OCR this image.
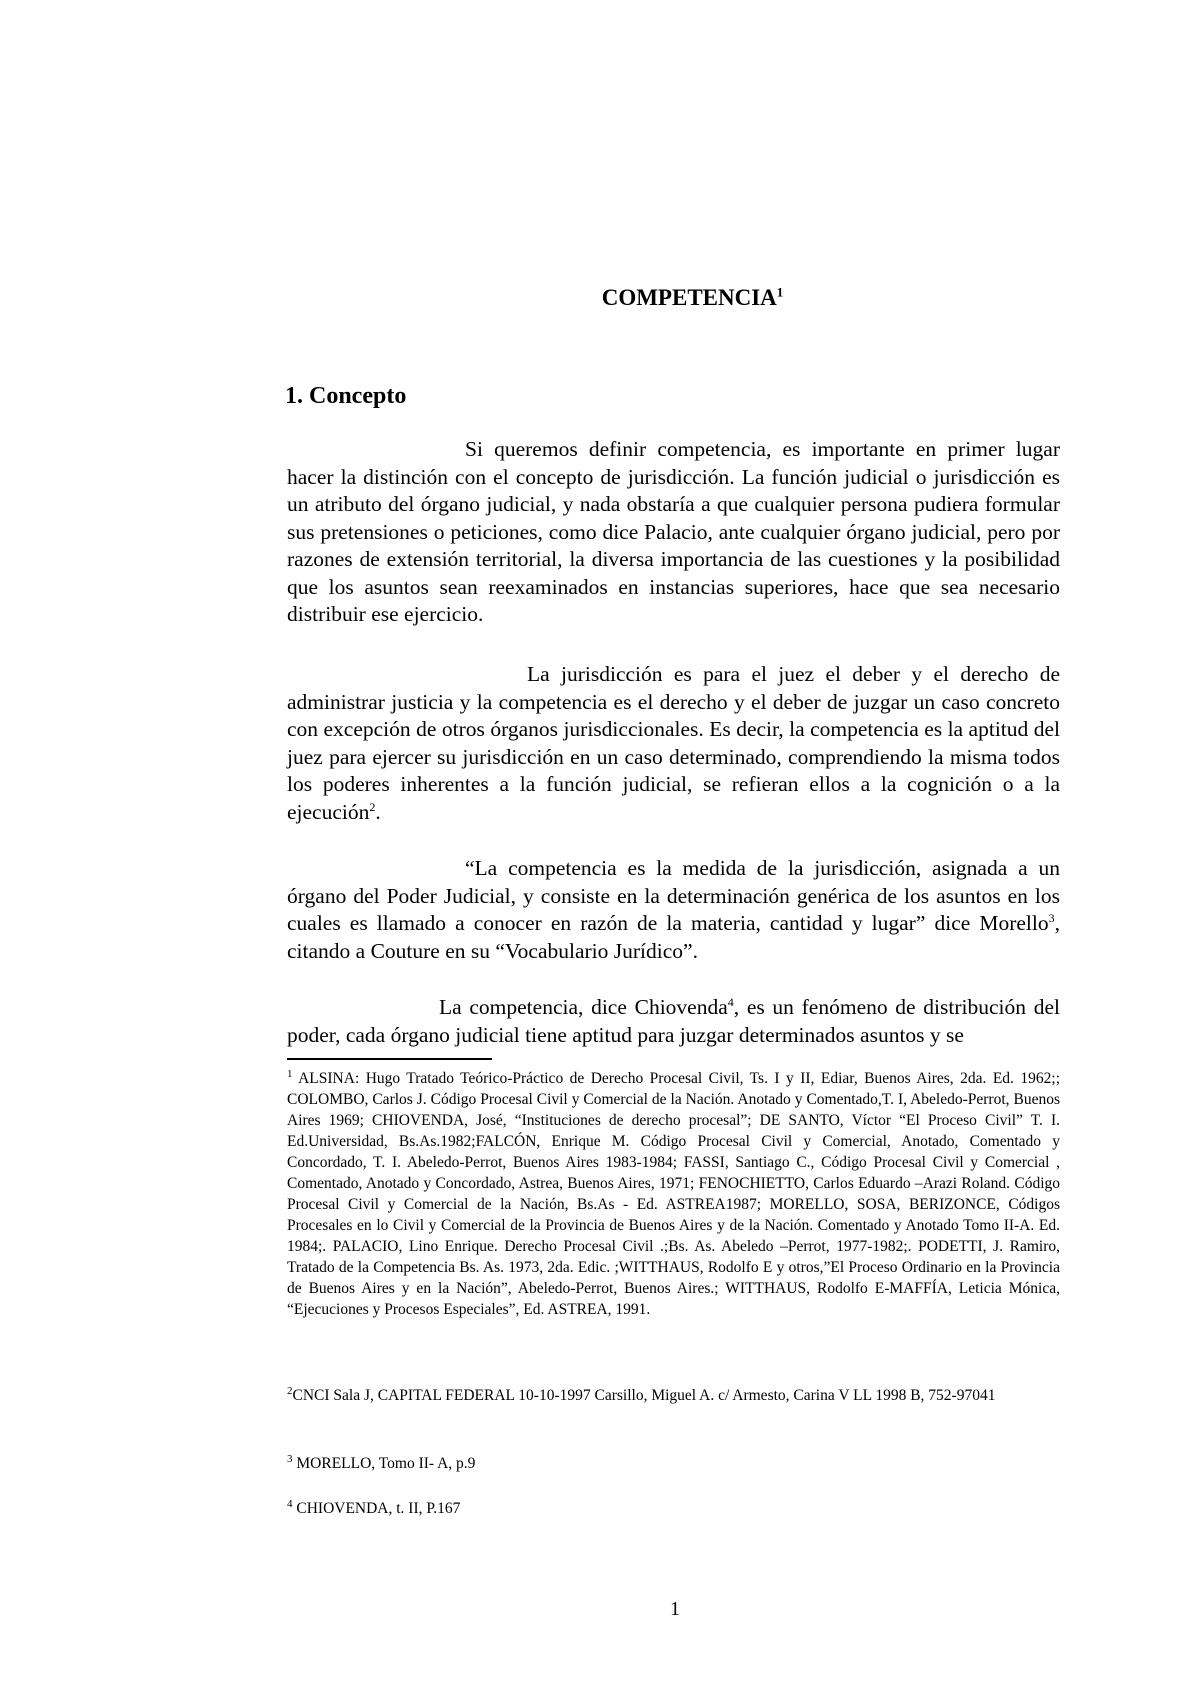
COMPETENCIA$^1$
1. Concepto

Si queremos definir competencia, es importante en primer lugar hacer la distinción con el concepto de jurisdicción. La función judicial o jurisdicción es un atributo del órgano judicial, y nada obstaría a que cualquier persona pudiera formular sus pretensiones o peticiones, como dice Palacio, ante cualquier órgano judicial, pero por razones de extensión territorial, la diversa importancia de las cuestiones y la posibilidad que los asuntos sean reexaminados en instancias superiores, hace que sea necesario distribuir ese ejercicio.

La jurisdicción es para el juez el deber y el derecho de administrar justicia y la competencia es el derecho y el deber de juzgar un caso concreto con excepción de otros órganos jurisdiccionales. Es decir, la competencia es la aptitud del juez para ejercer su jurisdicción en un caso determinado, comprendiendo la misma todos los poderes inherentes a la función judicial, se refieran ellos a la cognición o a la ejecución$^2$.

“La competencia es la medida de la jurisdicción, asignada a un órgano del Poder Judicial, y consiste en la determinación genérica de los asuntos en los cuales es llamado a conocer en razón de la materia, cantidad y lugar” dice Morello$^3$, citando a Couture en su “Vocabulario Jurídico”.

La competencia, dice Chiovenda$^4$, es un fenómeno de distribución del poder, cada órgano judicial tiene aptitud para juzgar determinados asuntos y se

$^1$ ALSINA: Hugo Tratado Teórico-Práctico de Derecho Procesal Civil, Ts. I y II, Ediar, Buenos Aires, 2da. Ed. 1962;; COLOMBO, Carlos J. Código Procesal Civil y Comercial de la Nación. Anotado y Comentado,T. I, Abeledo-Perrot, Buenos Aires 1969; CHIOVENDA, José, “Instituciones de derecho procesal”; DE SANTO, Víctor “El Proceso Civil” T. I. Ed.Universidad, Bs.As.1982;FALCÓN, Enrique M. Código Procesal Civil y Comercial, Anotado, Comentado y Concordado, T. I. Abeledo-Perrot, Buenos Aires 1983-1984; FASSI, Santiago C., Código Procesal Civil y Comercial , Comentado, Anotado y Concordado, Astrea, Buenos Aires, 1971; FENOCHIETTO, Carlos Eduardo –Arazi Roland. Código Procesal Civil y Comercial de la Nación, Bs.As - Ed. ASTREA1987; MORELLO, SOSA, BERIZONCE, Códigos Procesales en lo Civil y Comercial de la Provincia de Buenos Aires y de la Nación. Comentado y Anotado Tomo II-A. Ed. 1984;. PALACIO, Lino Enrique. Derecho Procesal Civil .;Bs. As. Abeledo –Perrot, 1977-1982;. PODETTI, J. Ramiro, Tratado de la Competencia Bs. As. 1973, 2da. Edic. ;WITTHAUS, Rodolfo E y otros,”El Proceso Ordinario en la Provincia de Buenos Aires y en la Nación”, Abeledo-Perrot, Buenos Aires.; WITTHAUS, Rodolfo E-MAFFÍA, Leticia Mónica, “Ejecuciones y Procesos Especiales”, Ed. ASTREA, 1991.

$^2$CNCI Sala J, CAPITAL FEDERAL 10-10-1997 Carsillo, Miguel A. c/ Armesto, Carina V LL 1998 B, 752-97041

$^3$ MORELLO, Tomo II- A, p.9

$^4$ CHIOVENDA, t. II, P.167

1
